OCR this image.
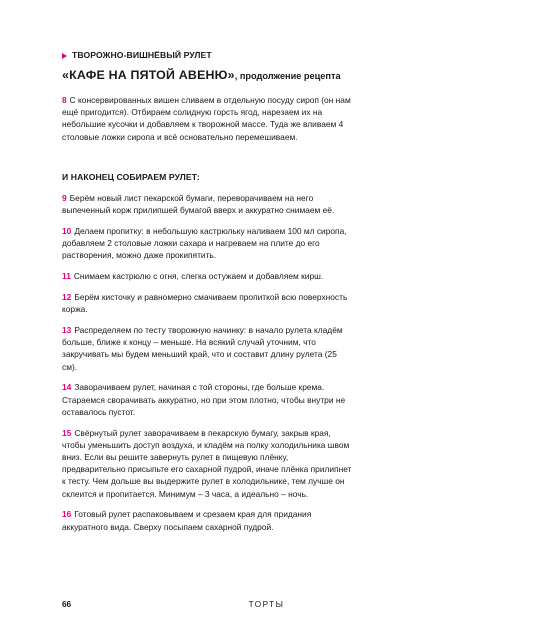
ТВОРОЖНО-ВИШНЁВЫЙ РУЛЕТ
«КАФЕ НА ПЯТОЙ АВЕНЮ», продолжение рецепта

8 С консервированных вишен сливаем в отдельную посуду сироп (он нам ещё пригодится). Отбираем солидную горсть ягод, нарезаем их на небольшие кусочки и добавляем к творожной массе. Туда же вливаем 4 столовые ложки сиропа и всё основательно перемешиваем.

И НАКОНЕЦ СОБИРАЕМ РУЛЕТ:

9 Берём новый лист пекарской бумаги, переворачиваем на него выпеченный корж прилипшей бумагой вверх и аккуратно снимаем её.

10 Делаем пропитку: в небольшую кастрюльку наливаем 100 мл сиропа, добавляем 2 столовые ложки сахара и нагреваем на плите до его растворения, можно даже прокипятить.

11 Снимаем кастрюлю с огня, слегка остужаем и добавляем кирш.

12 Берём кисточку и равномерно смачиваем пропиткой всю поверхность коржа.

13 Распределяем по тесту творожную начинку: в начало рулета кладём больше, ближе к концу – меньше. На всякий случай уточним, что закручивать мы будем меньший край, что и составит длину рулета (25 см).

14 Заворачиваем рулет, начиная с той стороны, где больше крема. Стараемся сворачивать аккуратно, но при этом плотно, чтобы внутри не оставалось пустот.

15 Свёрнутый рулет заворачиваем в пекарскую бумагу, закрыв края, чтобы уменьшить доступ воздуха, и кладём на полку холодильника швом вниз. Если вы решите завернуть рулет в пищевую плёнку, предварительно присыпьте его сахарной пудрой, иначе плёнка прилипнет к тесту. Чем дольше вы выдержите рулет в холодильнике, тем лучше он склеится и пропитается. Минимум – 3 часа, а идеально – ночь.

16 Готовый рулет распаковываем и срезаем края для придания аккуратного вида. Сверху посыпаем сахарной пудрой.

66	ТОРТЫ
